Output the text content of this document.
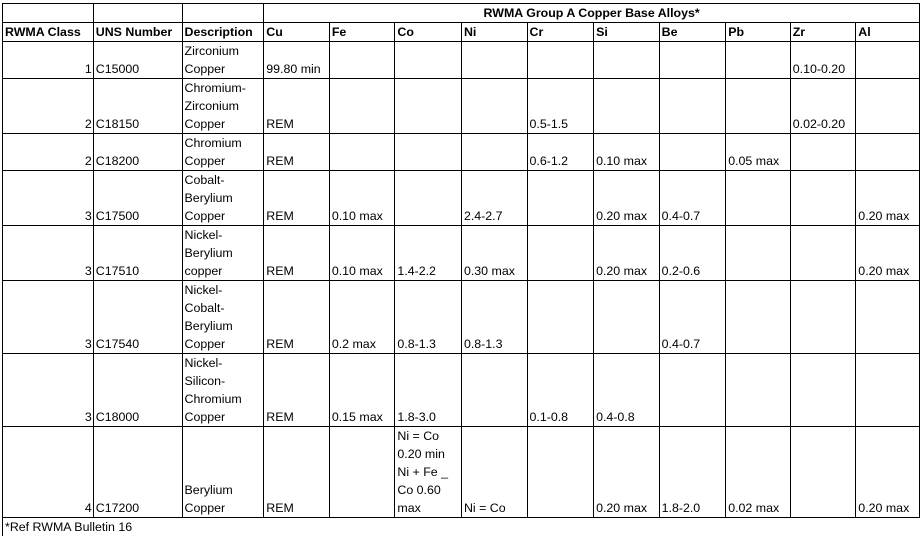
			RWMA Group A Copper Base Alloys*									
RWMA Class	UNS Number	Description	Cu	Fe	Co	Ni	Cr	Si	Be	Pb	Zr	Al
1	C15000	Zirconium Copper	99.80 min								0.10-0.20	
2	C18150	Chromium-Zirconium Copper	REM				0.5-1.5				0.02-0.20	
2	C18200	Chromium Copper	REM				0.6-1.2	0.10 max		0.05 max		
3	C17500	Cobalt-Berylium Copper	REM	0.10 max		2.4-2.7		0.20 max	0.4-0.7			0.20 max
3	C17510	Nickel-Berylium copper	REM	0.10 max	1.4-2.2	0.30 max		0.20 max	0.2-0.6			0.20 max
3	C17540	Nickel-Cobalt-Berylium Copper	REM	0.2 max	0.8-1.3	0.8-1.3			0.4-0.7			
3	C18000	Nickel-Silicon-Chromium Copper	REM	0.15 max	1.8-3.0		0.1-0.8	0.4-0.8				
4	C17200	Berylium Copper	REM		Ni = Co 0.20 min Ni + Fe _ Co 0.60 max	Ni = Co		0.20 max	1.8-2.0	0.02 max		0.20 max
*Ref RWMA Bulletin 16												
